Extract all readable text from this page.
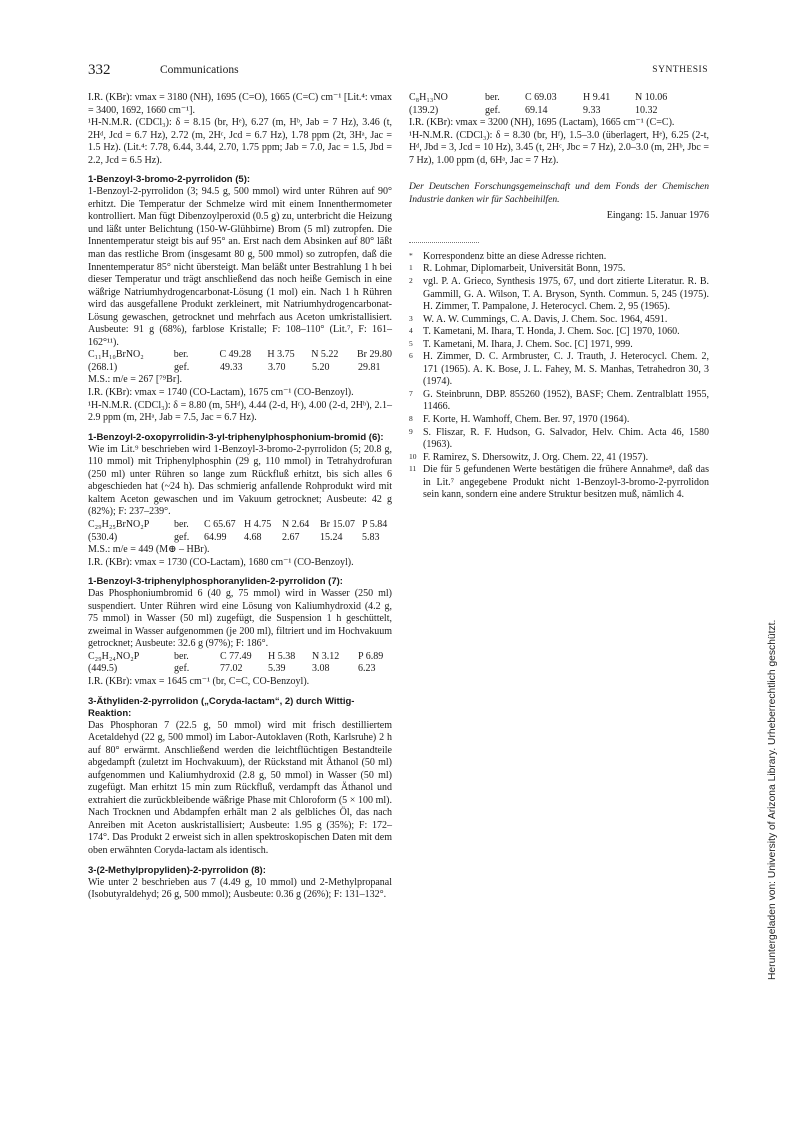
332	Communications	SYNTHESIS

I.R. (KBr): νmax = 3180 (NH), 1695 (C=O), 1665 (C=C) cm⁻¹ [Lit.⁴: νmax = 3400, 1692, 1660 cm⁻¹].

¹H-N.M.R. (CDCl₃): δ = 8.15 (br, Hᵉ), 6.27 (m, Hᵇ, Jab = 7 Hz), 3.46 (t, 2Hᵈ, Jcd = 6.7 Hz), 2.72 (m, 2Hᶜ, Jcd = 6.7 Hz), 1.78 ppm (2t, 3Hᵃ, Jac = 1.5 Hz). (Lit.⁴: 7.78, 6.44, 3.44, 2.70, 1.75 ppm; Jab = 7.0, Jac = 1.5, Jbd = 2.2, Jcd = 6.5 Hz).

1-Benzoyl-3-bromo-2-pyrrolidon (5):

1-Benzoyl-2-pyrrolidon (3; 94.5 g, 500 mmol) wird unter Rühren auf 90° erhitzt. Die Temperatur der Schmelze wird mit einem Innenthermometer kontrolliert. Man fügt Dibenzoylperoxid (0.5 g) zu, unterbricht die Heizung und läßt unter Belichtung (150-W-Glühbirne) Brom (5 ml) zutropfen. Die Innentemperatur steigt bis auf 95° an. Erst nach dem Absinken auf 80° läßt man das restliche Brom (insgesamt 80 g, 500 mmol) so zutropfen, daß die Innentemperatur 85° nicht übersteigt. Man beläßt unter Bestrahlung 1 h bei dieser Temperatur und trägt anschließend das noch heiße Gemisch in eine wäßrige Natriumhydrogencarbonat-Lösung (1 mol) ein. Nach 1 h Rühren wird das ausgefallene Produkt zerkleinert, mit Natriumhydrogencarbonat-Lösung gewaschen, getrocknet und mehrfach aus Aceton umkristallisiert. Ausbeute: 91 g (68%), farblose Kristalle; F: 108–110° (Lit.⁷, F: 161–162°¹¹).

C₁₁H₁₀BrNO₂	ber.	C 49.28	H 3.75	N 5.22	Br 29.80
(268.1)	gef.	49.33	3.70	5.20	29.81

M.S.: m/e = 267 [⁷⁹Br].

I.R. (KBr): νmax = 1740 (CO-Lactam), 1675 cm⁻¹ (CO-Benzoyl).

¹H-N.M.R. (CDCl₃): δ = 8.80 (m, 5Hᵈ), 4.44 (2-d, Hᶜ), 4.00 (2-d, 2Hᵇ), 2.1–2.9 ppm (m, 2Hᵃ, Jab = 7.5, Jac = 6.7 Hz).

1-Benzoyl-2-oxopyrrolidin-3-yl-triphenylphosphonium-bromid (6):

Wie im Lit.⁹ beschrieben wird 1-Benzoyl-3-bromo-2-pyrrolidon (5; 20.8 g, 110 mmol) mit Triphenylphosphin (29 g, 110 mmol) in Tetrahydrofuran (250 ml) unter Rühren so lange zum Rückfluß erhitzt, bis sich alles 6 abgeschieden hat (~24 h). Das schmierig anfallende Rohprodukt wird mit kaltem Aceton gewaschen und im Vakuum getrocknet; Ausbeute: 42 g (82%); F: 237–239°.

C₂₉H₂₅BrNO₂P	ber.	C 65.67 H 4.75	N 2.64	Br 15.07 P 5.84
(530.4)	gef.	64.99	4.68	2.67	15.24	5.83

M.S.: m/e = 449 (M⊕ – HBr).

I.R. (KBr): νmax = 1730 (CO-Lactam), 1680 cm⁻¹ (CO-Benzoyl).

1-Benzoyl-3-triphenylphosphoranyliden-2-pyrrolidon (7):

Das Phosphoniumbromid 6 (40 g, 75 mmol) wird in Wasser (250 ml) suspendiert. Unter Rühren wird eine Lösung von Kaliumhydroxid (4.2 g, 75 mmol) in Wasser (50 ml) zugefügt, die Suspension 1 h geschüttelt, zweimal in Wasser aufgenommen (je 200 ml), filtriert und im Hochvakuum getrocknet; Ausbeute: 32.6 g (97%); F: 186°.

C₂₉H₂₄NO₂P	ber.	C 77.49	H 5.38	N 3.12	P 6.89
(449.5)	gef.	77.02	5.39	3.08	6.23

I.R. (KBr): νmax = 1645 cm⁻¹ (br, C=C, CO-Benzoyl).

3-Äthyliden-2-pyrrolidon („Coryda-lactam“, 2) durch Wittig-Reaktion:

Das Phosphoran 7 (22.5 g, 50 mmol) wird mit frisch destilliertem Acetaldehyd (22 g, 500 mmol) im Labor-Autoklaven (Roth, Karlsruhe) 2 h auf 80° erwärmt. Anschließend werden die leichtflüchtigen Bestandteile abgedampft (zuletzt im Hochvakuum), der Rückstand mit Äthanol (50 ml) aufgenommen und Kaliumhydroxid (2.8 g, 50 mmol) in Wasser (50 ml) zugefügt. Man erhitzt 15 min zum Rückfluß, verdampft das Äthanol und extrahiert die zurückbleibende wäßrige Phase mit Chloroform (5 × 100 ml). Nach Trocknen und Abdampfen erhält man 2 als gelbliches Öl, das nach Anreiben mit Aceton auskristallisiert; Ausbeute: 1.95 g (35%); F: 172–174°. Das Produkt 2 erweist sich in allen spektroskopischen Daten mit dem oben erwähnten Coryda-lactam als identisch.

3-(2-Methylpropyliden)-2-pyrrolidon (8):

Wie unter 2 beschrieben aus 7 (4.49 g, 10 mmol) und 2-Methylpropanal (Isobutyraldehyd; 26 g, 500 mmol); Ausbeute: 0.36 g (26%); F: 131–132°.

C₈H₁₃NO	ber.	C 69.03	H 9.41	N 10.06
(139.2)	gef.	69.14	9.33	10.32

I.R. (KBr): νmax = 3200 (NH), 1695 (Lactam), 1665 cm⁻¹ (C=C).

¹H-N.M.R. (CDCl₃): δ = 8.30 (br, Hᶠ), 1.5–3.0 (überlagert, Hᵉ), 6.25 (2-t, Hᵈ, Jbd = 3, Jcd = 10 Hz), 3.45 (t, 2Hᶜ, Jbc = 7 Hz), 2.0–3.0 (m, 2Hᵇ, Jbc = 7 Hz), 1.00 ppm (d, 6Hᵃ, Jac = 7 Hz).

Der Deutschen Forschungsgemeinschaft und dem Fonds der Chemischen Industrie danken wir für Sachbeihilfen.

Eingang: 15. Januar 1976

* Korrespondenz bitte an diese Adresse richten.
1 R. Lohmar, Diplomarbeit, Universität Bonn, 1975.
2 vgl. P. A. Grieco, Synthesis 1975, 67, und dort zitierte Literatur. R. B. Gammill, G. A. Wilson, T. A. Bryson, Synth. Commun. 5, 245 (1975). H. Zimmer, T. Pampalone, J. Heterocycl. Chem. 2, 95 (1965).
3 W. A. W. Cummings, C. A. Davis, J. Chem. Soc. 1964, 4591.
4 T. Kametani, M. Ihara, T. Honda, J. Chem. Soc. [C] 1970, 1060.
5 T. Kametani, M. Ihara, J. Chem. Soc. [C] 1971, 999.
6 H. Zimmer, D. C. Armbruster, C. J. Trauth, J. Heterocycl. Chem. 2, 171 (1965). A. K. Bose, J. L. Fahey, M. S. Manhas, Tetrahedron 30, 3 (1974).
7 G. Steinbrunn, DBP. 855260 (1952), BASF; Chem. Zentralblatt 1955, 11466.
8 F. Korte, H. Wamhoff, Chem. Ber. 97, 1970 (1964).
9 S. Fliszar, R. F. Hudson, G. Salvador, Helv. Chim. Acta 46, 1580 (1963).
10 F. Ramirez, S. Dhersowitz, J. Org. Chem. 22, 41 (1957).
11 Die für 5 gefundenen Werte bestätigen die frühere Annahme⁸, daß das in Lit.⁷ angegebene Produkt nicht 1-Benzoyl-3-bromo-2-pyrrolidon sein kann, sondern eine andere Struktur besitzen muß, nämlich 4.
Heruntergeladen von: University of Arizona Library. Urheberrechtlich geschützt.
